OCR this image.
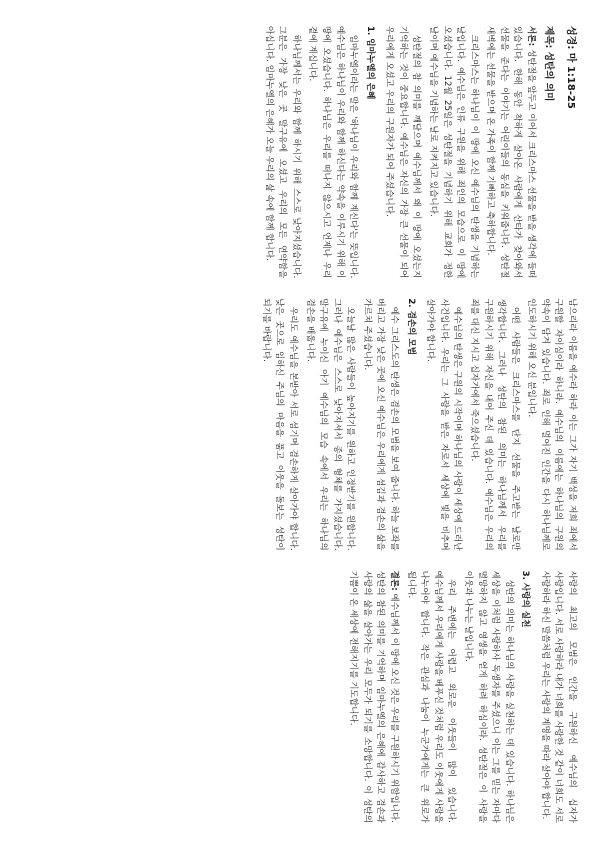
성경: 마 1:18-25
제목: 성탄의 의미

서론: 성탄절을 앞두고 이어서 크리스마스 선물을 받을 생각에 들떠 있습니다. 한해 동안 착하게 살아온 사람에게 산타가 찾아와서 선물을 준다는 이야기는 어린이들의 동심을 키워줍니다. 성탄절 새벽에는 선물을 받으며 온 가족이 함께 기뻐하고 축하합니다.

크리스마스는 하나님이 이 땅에 오신 예수님의 탄생을 기념하는 날입니다. 예수님은 인류 구원을 위해 죄인의 모습으로 이 땅에 오셨습니다. 12월 25일은 성탄절을 기념하기 위해 교회가 정한 날이며 예수님을 기념하는 날로 지켜지고 있습니다.

성탄절의 참 의미를 깨달으며 예수님께서 왜 이 땅에 오셨는지 기억하는 것이 중요합니다. 예수님은 자신의 가장 큰 선물이 되어 우리에게 오셨고 우리의 구원자가 되어 주셨습니다.

1. 임마누엘의 은혜

임마누엘이라는 말은 '하나님이 우리와 함께 계신다'는 뜻입니다. 예수님은 하나님이 우리와 함께 하신다는 약속을 이루시기 위해 이 땅에 오셨습니다. 하나님은 우리를 떠나지 않으시고 언제나 우리 곁에 계십니다.

하나님께서는 우리와 함께 하시기 위해 스스로 낮아지셨습니다. 그분은 가장 낮은 곳 말구유에 오셨고 우리의 모든 연약함을 아십니다. 임마누엘의 은혜가 오늘 우리의 삶 속에 함께 합니다.

남으리라 이름을 예수라 하라 이는 그가 자기 백성을 저희 죄에서 구원할 자이심이라 하니라. 예수님의 이름에는 하나님의 구원의 약속이 담겨 있습니다. 죄로 인해 멀어진 인간을 다시 하나님께로 인도하시기 위해 오신 분입니다.

어떤 사람들은 크리스마스를 단지 선물을 주고받는 날로만 생각합니다. 그러나 성탄의 참된 의미는 하나님께서 우리를 구원하시기 위해 자신을 내어 주신 데 있습니다. 예수님은 우리의 죄를 대신 지시고 십자가에서 죽으셨습니다.

예수님의 탄생은 구원의 시작이며 하나님의 사랑이 세상에 드러난 사건입니다. 우리는 그 사랑을 받은 자로서 세상에 빛을 비추며 살아가야 합니다.

2. 겸손의 모범

예수 그리스도의 탄생은 겸손의 모범을 보여 줍니다. 하늘 보좌를 버리고 가장 낮은 곳에 오신 예수님은 우리에게 섬김과 겸손의 삶을 가르쳐 주셨습니다.

오늘날 많은 사람들이 높아지기를 원하고 인정받기를 원합니다. 그러나 예수님은 스스로 낮아지셔서 종의 형체를 가지셨습니다. 말구유에 누이신 아기 예수님의 모습 속에서 우리는 하나님의 겸손을 배웁니다.

우리도 예수님을 본받아 서로 섬기며 겸손하게 살아가야 합니다. 낮은 곳으로 임하신 주님의 마음을 품고 이웃을 돌보는 성탄이 되기를 바랍니다.

사랑의 최고의 모범은 인간을 구원하신 예수님의 십자가 사랑입니다. 서로 사랑하라 내가 너희를 사랑한 것 같이 너희도 서로 사랑하라 하신 말씀처럼 우리는 사랑의 계명을 따라 살아야 합니다.

3. 사랑의 실천

성탄의 의미는 하나님의 사랑을 실천하는 데 있습니다. 하나님은 세상을 이처럼 사랑하사 독생자를 주셨으니 이는 그를 믿는 자마다 멸망하지 않고 영생을 얻게 하려 하심이라. 성탄절은 이 사랑을 이웃과 나누는 날입니다.

우리 주변에는 어렵고 외로운 이웃들이 많이 있습니다. 예수님께서 우리에게 사랑을 베푸신 것처럼 우리도 이웃에게 사랑을 나누어야 합니다. 작은 관심과 나눔이 누군가에게는 큰 위로가 됩니다.

결론: 예수님께서 이 땅에 오신 것은 우리를 구원하시기 위함입니다. 성탄의 참된 의미를 기억하며 임마누엘의 은혜에 감사하고 겸손과 사랑의 삶을 살아가는 우리 모두가 되기를 소망합니다. 이 성탄의 기쁨이 온 세상에 전해지기를 기도합니다.
